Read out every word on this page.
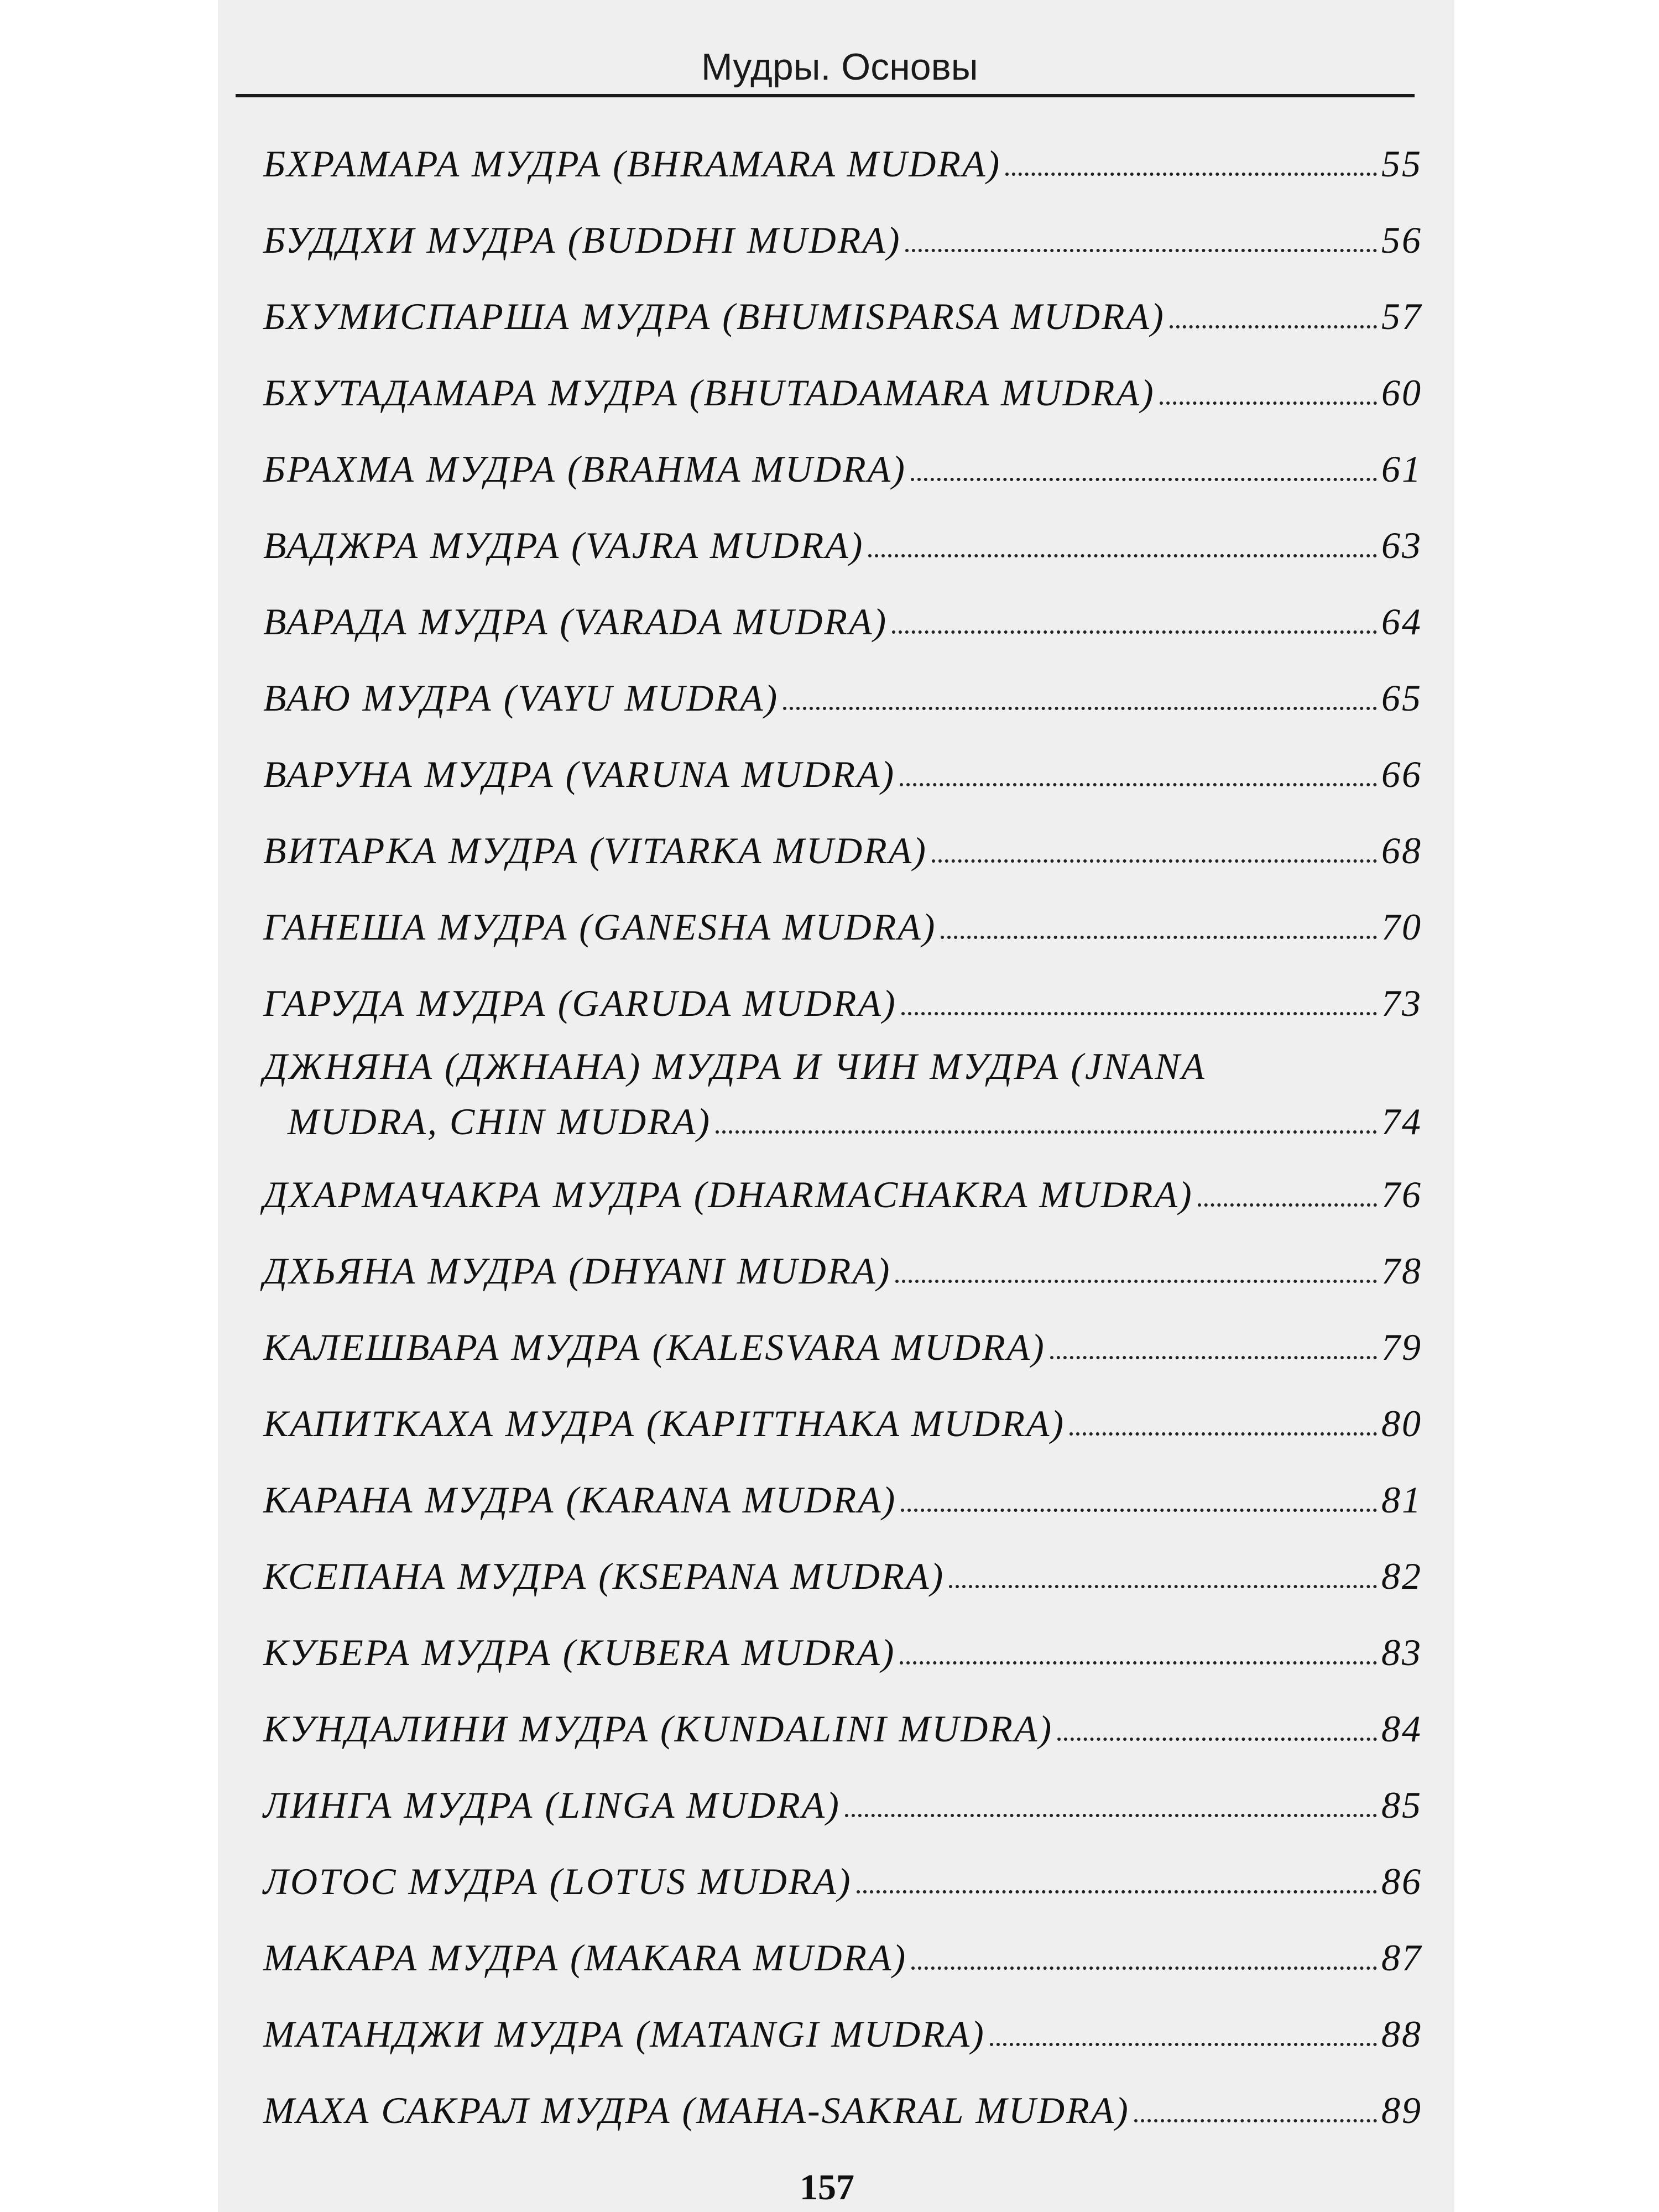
Мудры. Основы
БХРАМАРА МУДРА (BHRAMARA MUDRA)	55
БУДДХИ МУДРА (BUDDHI MUDRA)	56
БХУМИСПАРША МУДРА (BHUMISPARSA MUDRA)	57
БХУТАДАМАРА МУДРА (BHUTADAMARA MUDRA)	60
БРАХМА МУДРА (BRAHMA MUDRA)	61
ВАДЖРА МУДРА (VAJRA MUDRA)	63
ВАРАДА МУДРА (VARADA MUDRA)	64
ВАЮ МУДРА (VAYU MUDRA)	65
ВАРУНА МУДРА (VARUNA MUDRA)	66
ВИТАРКА МУДРА (VITARKA MUDRA)	68
ГАНЕША МУДРА (GANESHA MUDRA)	70
ГАРУДА МУДРА (GARUDA MUDRA)	73
ДЖНЯНА (ДЖНАНА) МУДРА И ЧИН МУДРА (JNANA
MUDRA, CHIN MUDRA)	74
ДХАРМАЧАКРА МУДРА (DHARMACHAKRA MUDRA)	76
ДХЬЯНА МУДРА (DHYANI MUDRA)	78
КАЛЕШВАРА МУДРА (KALESVARA MUDRA)	79
КАПИТКАХА МУДРА (KAPITTHAKA MUDRA)	80
КАРАНА МУДРА (KARANA MUDRA)	81
КСЕПАНА МУДРА (KSEPANA MUDRA)	82
КУБЕРА МУДРА (KUBERA MUDRA)	83
КУНДАЛИНИ МУДРА (KUNDALINI MUDRA)	84
ЛИНГА МУДРА (LINGA MUDRA)	85
ЛОТОС МУДРА (LOTUS MUDRA)	86
МАКАРА МУДРА (MAKARA MUDRA)	87
МАТАНДЖИ МУДРА (MATANGI MUDRA)	88
МАХА САКРАЛ МУДРА (MAHA-SAKRAL MUDRA)	89
157
